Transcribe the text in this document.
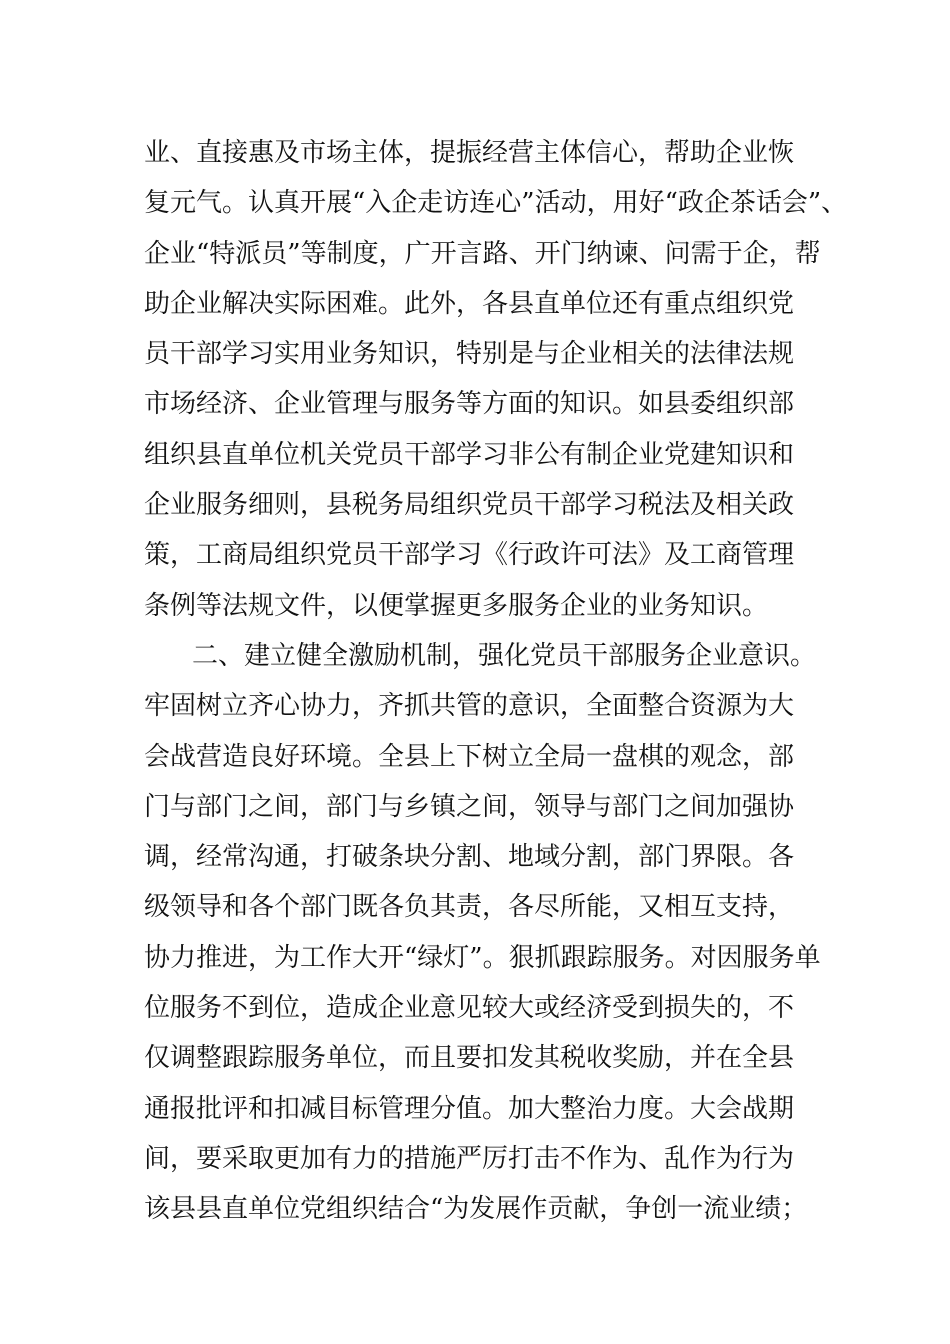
业、直接惠及市场主体，提振经营主体信心，帮助企业恢
复元气。认真开展“入企走访连心”活动，用好“政企茶话会”、
企业“特派员”等制度，广开言路、开门纳谏、问需于企，帮
助企业解决实际困难。此外，各县直单位还有重点组织党
员干部学习实用业务知识，特别是与企业相关的法律法规
市场经济、企业管理与服务等方面的知识。如县委组织部
组织县直单位机关党员干部学习非公有制企业党建知识和
企业服务细则，县税务局组织党员干部学习税法及相关政
策，工商局组织党员干部学习《行政许可法》及工商管理
条例等法规文件，以便掌握更多服务企业的业务知识。
二、建立健全激励机制，强化党员干部服务企业意识。
牢固树立齐心协力，齐抓共管的意识，全面整合资源为大
会战营造良好环境。全县上下树立全局一盘棋的观念，部
门与部门之间，部门与乡镇之间，领导与部门之间加强协
调，经常沟通，打破条块分割、地域分割，部门界限。各
级领导和各个部门既各负其责，各尽所能，又相互支持，
协力推进，为工作大开“绿灯”。狠抓跟踪服务。对因服务单
位服务不到位，造成企业意见较大或经济受到损失的，不
仅调整跟踪服务单位，而且要扣发其税收奖励，并在全县
通报批评和扣减目标管理分值。加大整治力度。大会战期
间，要采取更加有力的措施严厉打击不作为、乱作为行为
该县县直单位党组织结合“为发展作贡献，争创一流业绩；
